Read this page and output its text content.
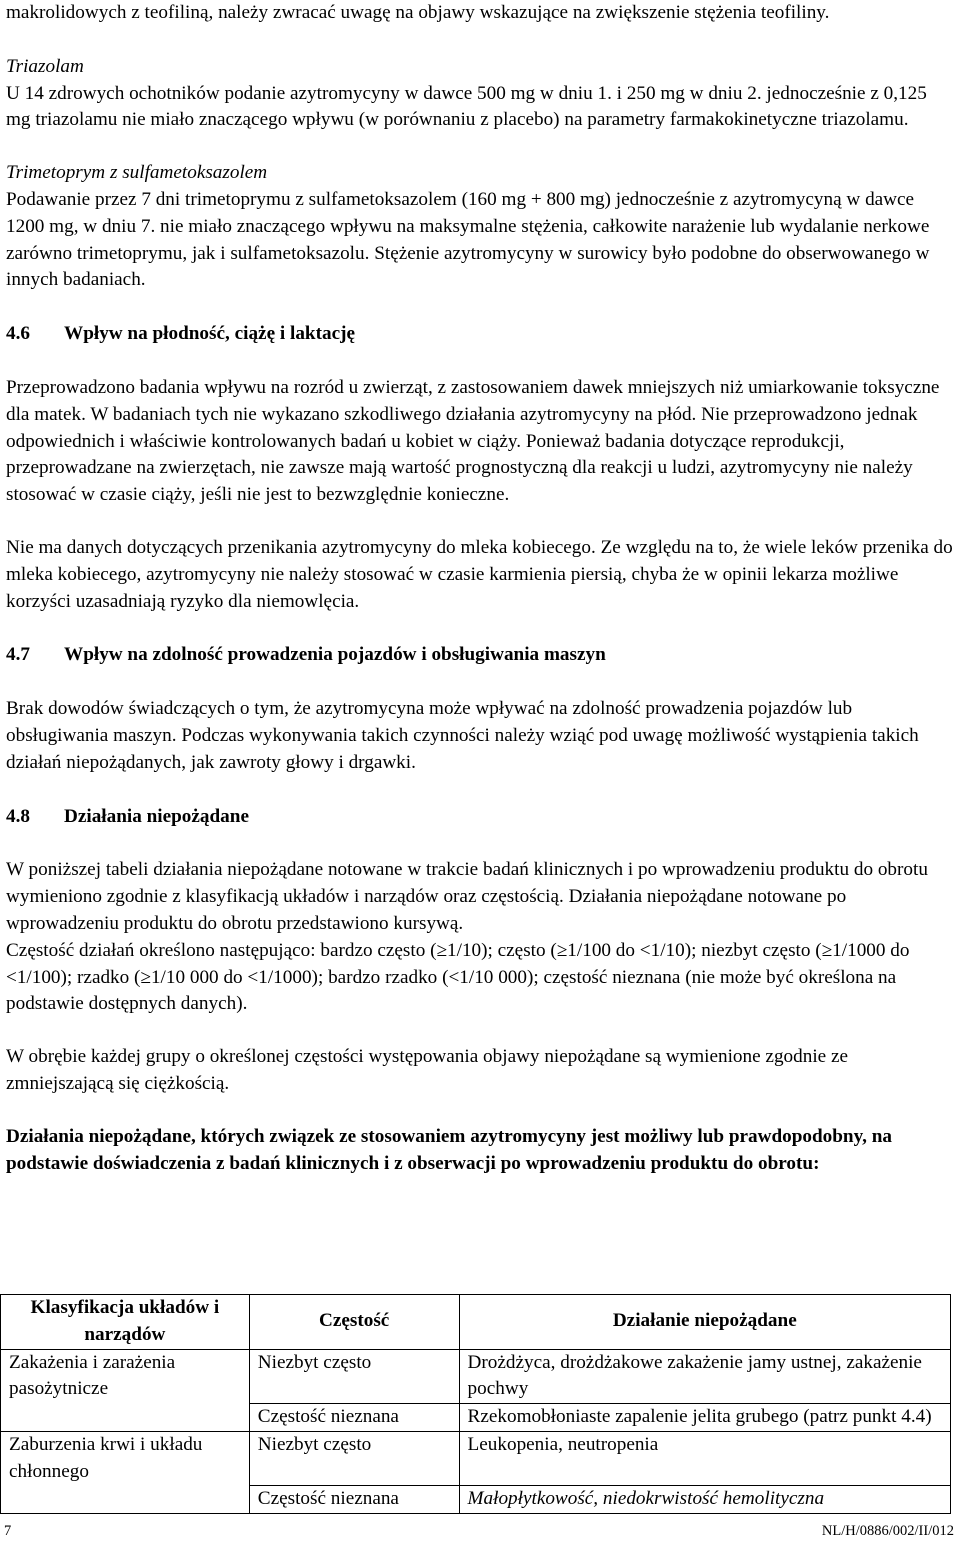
makrolidowych z teofiliną, należy zwracać uwagę na objawy wskazujące na zwiększenie stężenia teofiliny.

Triazolam

U 14 zdrowych ochotników podanie azytromycyny w dawce 500 mg w dniu 1. i 250 mg w dniu 2. jednocześnie z 0,125 mg triazolamu nie miało znaczącego wpływu (w porównaniu z placebo) na parametry farmakokinetyczne triazolamu.

Trimetoprym z sulfametoksazolem

Podawanie przez 7 dni trimetoprymu z sulfametoksazolem (160 mg + 800 mg) jednocześnie z azytromycyną w dawce 1200 mg, w dniu 7. nie miało znaczącego wpływu na maksymalne stężenia, całkowite narażenie lub wydalanie nerkowe zarówno trimetoprymu, jak i sulfametoksazolu. Stężenie azytromycyny w surowicy było podobne do obserwowanego w innych badaniach.

4.6 Wpływ na płodność, ciążę i laktację

Przeprowadzono badania wpływu na rozród u zwierząt, z zastosowaniem dawek mniejszych niż umiarkowanie toksyczne dla matek. W badaniach tych nie wykazano szkodliwego działania azytromycyny na płód. Nie przeprowadzono jednak odpowiednich i właściwie kontrolowanych badań u kobiet w ciąży. Ponieważ badania dotyczące reprodukcji, przeprowadzane na zwierzętach, nie zawsze mają wartość prognostyczną dla reakcji u ludzi, azytromycyny nie należy stosować w czasie ciąży, jeśli nie jest to bezwzględnie konieczne.

Nie ma danych dotyczących przenikania azytromycyny do mleka kobiecego. Ze względu na to, że wiele leków przenika do mleka kobiecego, azytromycyny nie należy stosować w czasie karmienia piersią, chyba że w opinii lekarza możliwe korzyści uzasadniają ryzyko dla niemowlęcia.

4.7 Wpływ na zdolność prowadzenia pojazdów i obsługiwania maszyn

Brak dowodów świadczących o tym, że azytromycyna może wpływać na zdolność prowadzenia pojazdów lub obsługiwania maszyn. Podczas wykonywania takich czynności należy wziąć pod uwagę możliwość wystąpienia takich działań niepożądanych, jak zawroty głowy i drgawki.

4.8 Działania niepożądane

W poniższej tabeli działania niepożądane notowane w trakcie badań klinicznych i po wprowadzeniu produktu do obrotu wymieniono zgodnie z klasyfikacją układów i narządów oraz częstością. Działania niepożądane notowane po wprowadzeniu produktu do obrotu przedstawiono kursywą.

Częstość działań określono następująco: bardzo często (≥1/10); często (≥1/100 do <1/10); niezbyt często (≥1/1000 do <1/100); rzadko (≥1/10 000 do <1/1000); bardzo rzadko (<1/10 000); częstość nieznana (nie może być określona na podstawie dostępnych danych).

W obrębie każdej grupy o określonej częstości występowania objawy niepożądane są wymienione zgodnie ze zmniejszającą się ciężkością.

Działania niepożądane, których związek ze stosowaniem azytromycyny jest możliwy lub prawdopodobny, na podstawie doświadczenia z badań klinicznych i z obserwacji po wprowadzeniu produktu do obrotu:

Klasyfikacja układów i narządów	Częstość	Działanie niepożądane
Zakażenia i zarażenia pasożytnicze	Niezbyt często	Drożdżyca, drożdżakowe zakażenie jamy ustnej, zakażenie pochwy
	Częstość nieznana	Rzekomobłoniaste zapalenie jelita grubego (patrz punkt 4.4)
Zaburzenia krwi i układu chłonnego	Niezbyt często	Leukopenia, neutropenia
	Częstość nieznana	Małopłytkowość, niedokrwistość hemolityczna
7	NL/H/0886/002/II/012
